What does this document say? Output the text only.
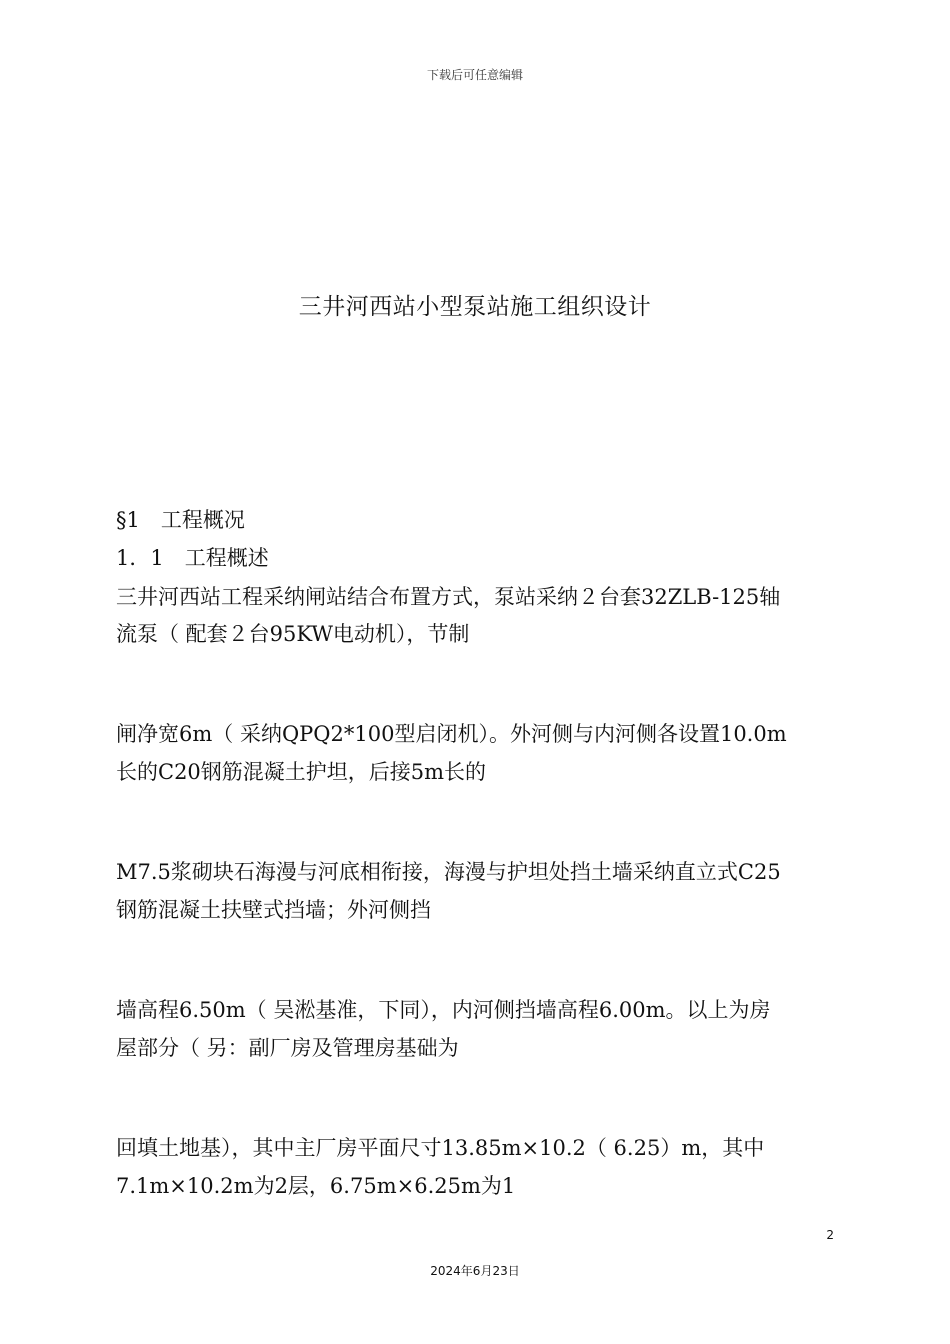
下载后可任意编辑
三井河西站小型泵站施工组织设计
§1　工程概况
1．1　工程概述
三井河西站工程采纳闸站结合布置方式，泵站采纳２台套32ZLB-125轴
流泵（ 配套２台95KW电动机），节制
闸净宽6m（ 采纳QPQ2*100型启闭机）。外河侧与内河侧各设置10.0m
长的C20钢筋混凝土护坦，后接5m长的
M7.5浆砌块石海漫与河底相衔接，海漫与护坦处挡土墙采纳直立式C25
钢筋混凝土扶壁式挡墙；外河侧挡
墙高程6.50m（ 吴淞基准，下同），内河侧挡墙高程6.00m。以上为房
屋部分（ 另：副厂房及管理房基础为
回填土地基），其中主厂房平面尺寸13.85m×10.2（ 6.25）m，其中
7.1m×10.2m为2层，6.75m×6.25m为1
2
2024年6月23日
